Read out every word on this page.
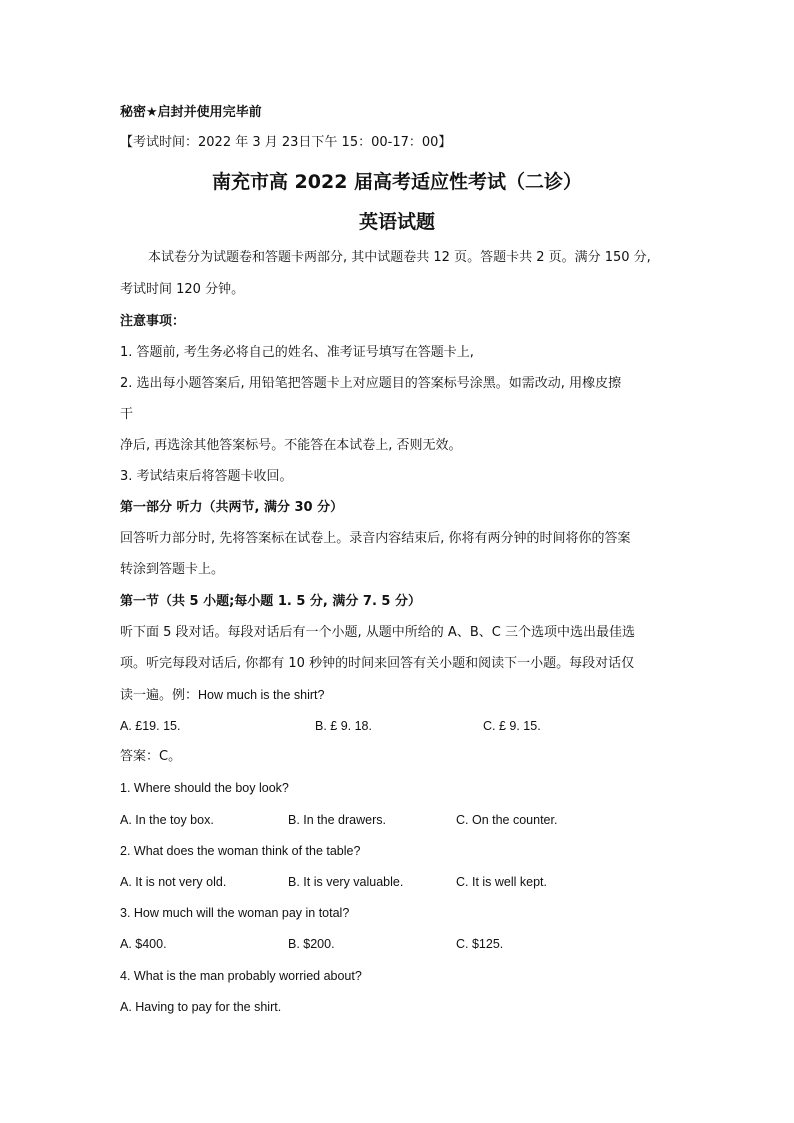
秘密★启封并使用完毕前
【考试时间：2022 年 3 月 23日下午 15：00-17：00】
南充市高 2022 届高考适应性考试（二诊）
英语试题
本试卷分为试题卷和答题卡两部分, 其中试题卷共 12 页。答题卡共 2 页。满分 150 分,
考试时间 120 分钟。
注意事项：
1. 答题前, 考生务必将自己的姓名、准考证号填写在答题卡上,
2. 选出每小题答案后, 用铅笔把答题卡上对应题目的答案标号涂黑。如需改动, 用橡皮擦
干
净后, 再选涂其他答案标号。不能答在本试卷上, 否则无效。
3. 考试结束后将答题卡收回。
第一部分 听力（共两节, 满分 30 分）
回答听力部分时, 先将答案标在试卷上。录音内容结束后, 你将有两分钟的时间将你的答案
转涂到答题卡上。
第一节（共 5 小题;每小题 1. 5 分, 满分 7. 5 分）
听下面 5 段对话。每段对话后有一个小题, 从题中所给的 A、B、C 三个选项中选出最佳选
项。听完每段对话后, 你都有 10 秒钟的时间来回答有关小题和阅读下一小题。每段对话仅
读一遍。例：How much is the shirt?
A. £19. 15.	B. £ 9. 18.	C. £ 9. 15.
答案：C。
1. Where should the boy look?
A. In the toy box.	B. In the drawers.	C. On the counter.
2. What does the woman think of the table?
A. It is not very old.	B. It is very valuable.	C. It is well kept.
3. How much will the woman pay in total?
A. $400.	B. $200.	C. $125.
4. What is the man probably worried about?
A. Having to pay for the shirt.
